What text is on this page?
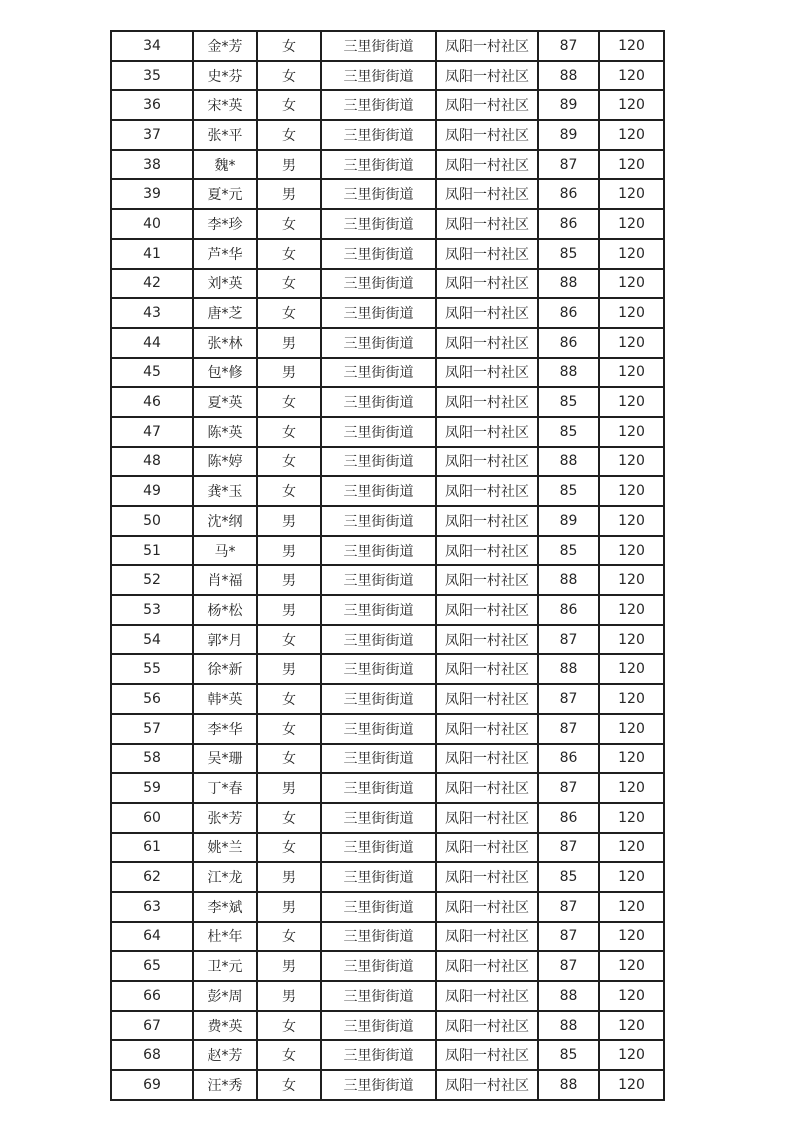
34	金*芳	女	三里街街道	凤阳一村社区	87	120
35	史*芬	女	三里街街道	凤阳一村社区	88	120
36	宋*英	女	三里街街道	凤阳一村社区	89	120
37	张*平	女	三里街街道	凤阳一村社区	89	120
38	魏*	男	三里街街道	凤阳一村社区	87	120
39	夏*元	男	三里街街道	凤阳一村社区	86	120
40	李*珍	女	三里街街道	凤阳一村社区	86	120
41	芦*华	女	三里街街道	凤阳一村社区	85	120
42	刘*英	女	三里街街道	凤阳一村社区	88	120
43	唐*芝	女	三里街街道	凤阳一村社区	86	120
44	张*林	男	三里街街道	凤阳一村社区	86	120
45	包*修	男	三里街街道	凤阳一村社区	88	120
46	夏*英	女	三里街街道	凤阳一村社区	85	120
47	陈*英	女	三里街街道	凤阳一村社区	85	120
48	陈*婷	女	三里街街道	凤阳一村社区	88	120
49	龚*玉	女	三里街街道	凤阳一村社区	85	120
50	沈*纲	男	三里街街道	凤阳一村社区	89	120
51	马*	男	三里街街道	凤阳一村社区	85	120
52	肖*福	男	三里街街道	凤阳一村社区	88	120
53	杨*松	男	三里街街道	凤阳一村社区	86	120
54	郭*月	女	三里街街道	凤阳一村社区	87	120
55	徐*新	男	三里街街道	凤阳一村社区	88	120
56	韩*英	女	三里街街道	凤阳一村社区	87	120
57	李*华	女	三里街街道	凤阳一村社区	87	120
58	吴*珊	女	三里街街道	凤阳一村社区	86	120
59	丁*春	男	三里街街道	凤阳一村社区	87	120
60	张*芳	女	三里街街道	凤阳一村社区	86	120
61	姚*兰	女	三里街街道	凤阳一村社区	87	120
62	江*龙	男	三里街街道	凤阳一村社区	85	120
63	李*斌	男	三里街街道	凤阳一村社区	87	120
64	杜*年	女	三里街街道	凤阳一村社区	87	120
65	卫*元	男	三里街街道	凤阳一村社区	87	120
66	彭*周	男	三里街街道	凤阳一村社区	88	120
67	费*英	女	三里街街道	凤阳一村社区	88	120
68	赵*芳	女	三里街街道	凤阳一村社区	85	120
69	汪*秀	女	三里街街道	凤阳一村社区	88	120
